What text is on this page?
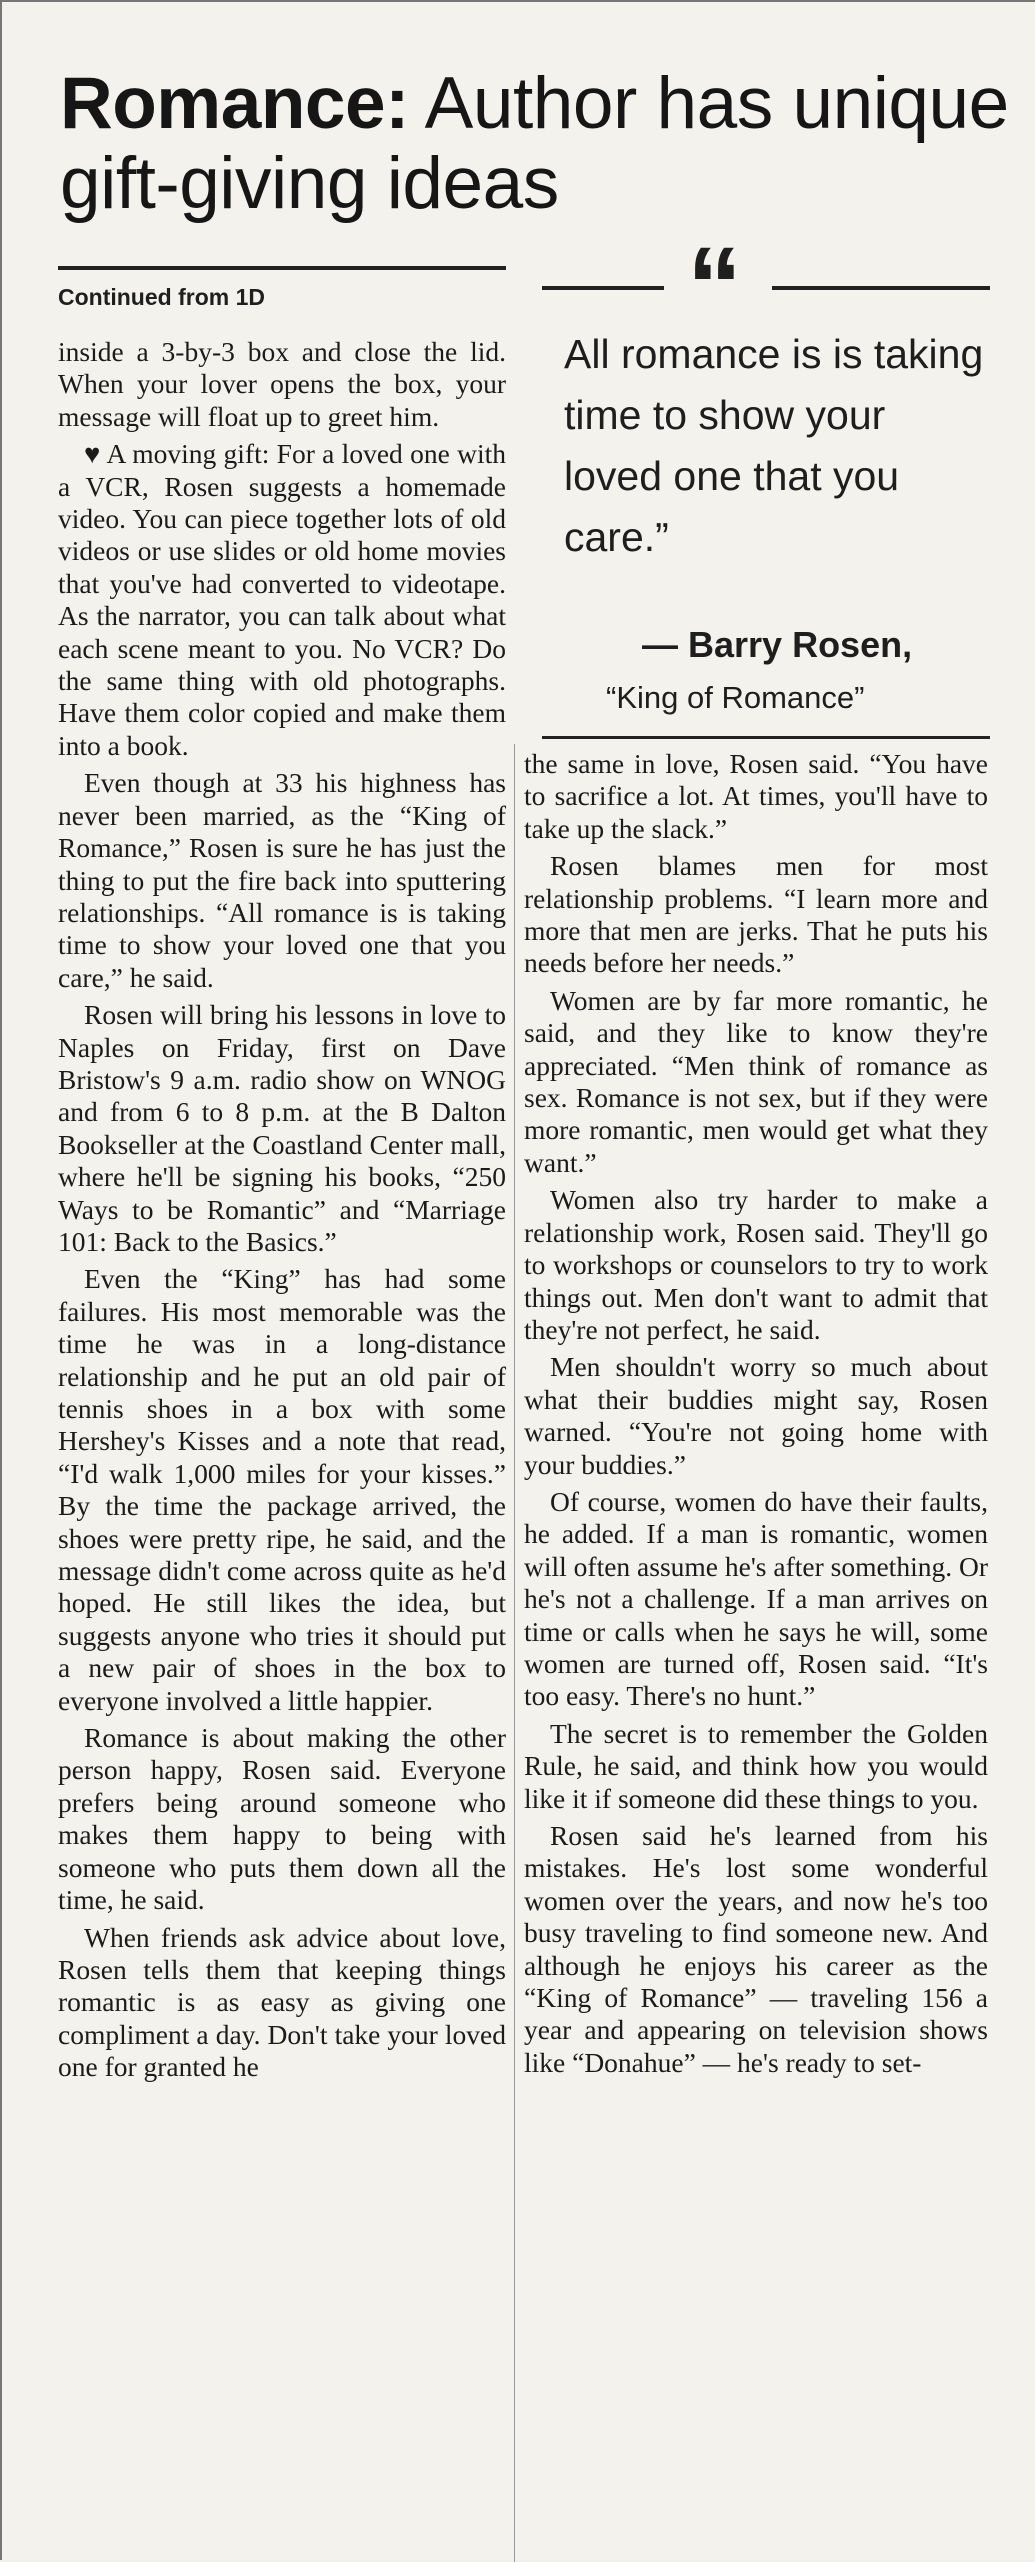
Romance: Author has unique gift-giving ideas
Continued from 1D	“
All romance is is taking time to show your loved one that you care.”
— Barry Rosen,
“King of Romance”

inside a 3-by-3 box and close the lid. When your lover opens the box, your message will float up to greet him.

♥ A moving gift: For a loved one with a VCR, Rosen suggests a homemade video. You can piece together lots of old videos or use slides or old home movies that you've had converted to videotape. As the narrator, you can talk about what each scene meant to you. No VCR? Do the same thing with old photographs. Have them color copied and make them into a book.

Even though at 33 his highness has never been married, as the “King of Romance,” Rosen is sure he has just the thing to put the fire back into sputtering relationships. “All romance is is taking time to show your loved one that you care,” he said.

Rosen will bring his lessons in love to Naples on Friday, first on Dave Bristow's 9 a.m. radio show on WNOG and from 6 to 8 p.m. at the B Dalton Bookseller at the Coastland Center mall, where he'll be signing his books, “250 Ways to be Romantic” and “Marriage 101: Back to the Basics.”

Even the “King” has had some failures. His most memorable was the time he was in a long-distance relationship and he put an old pair of tennis shoes in a box with some Hershey's Kisses and a note that read, “I'd walk 1,000 miles for your kisses.” By the time the package arrived, the shoes were pretty ripe, he said, and the message didn't come across quite as he'd hoped. He still likes the idea, but suggests anyone who tries it should put a new pair of shoes in the box to everyone involved a little happier.

Romance is about making the other person happy, Rosen said. Everyone prefers being around someone who makes them happy to being with someone who puts them down all the time, he said.

When friends ask advice about love, Rosen tells them that keeping things romantic is as easy as giving one compliment a day. Don't take your loved one for granted he

the same in love, Rosen said. “You have to sacrifice a lot. At times, you'll have to take up the slack.”

Rosen blames men for most relationship problems. “I learn more and more that men are jerks. That he puts his needs before her needs.”

Women are by far more romantic, he said, and they like to know they're appreciated. “Men think of romance as sex. Romance is not sex, but if they were more romantic, men would get what they want.”

Women also try harder to make a relationship work, Rosen said. They'll go to workshops or counselors to try to work things out. Men don't want to admit that they're not perfect, he said.

Men shouldn't worry so much about what their buddies might say, Rosen warned. “You're not going home with your buddies.”

Of course, women do have their faults, he added. If a man is romantic, women will often assume he's after something. Or he's not a challenge. If a man arrives on time or calls when he says he will, some women are turned off, Rosen said. “It's too easy. There's no hunt.”

The secret is to remember the Golden Rule, he said, and think how you would like it if someone did these things to you.

Rosen said he's learned from his mistakes. He's lost some wonderful women over the years, and now he's too busy traveling to find someone new. And although he enjoys his career as the “King of Romance” — traveling 156 a year and appearing on television shows like “Donahue” — he's ready to set-
